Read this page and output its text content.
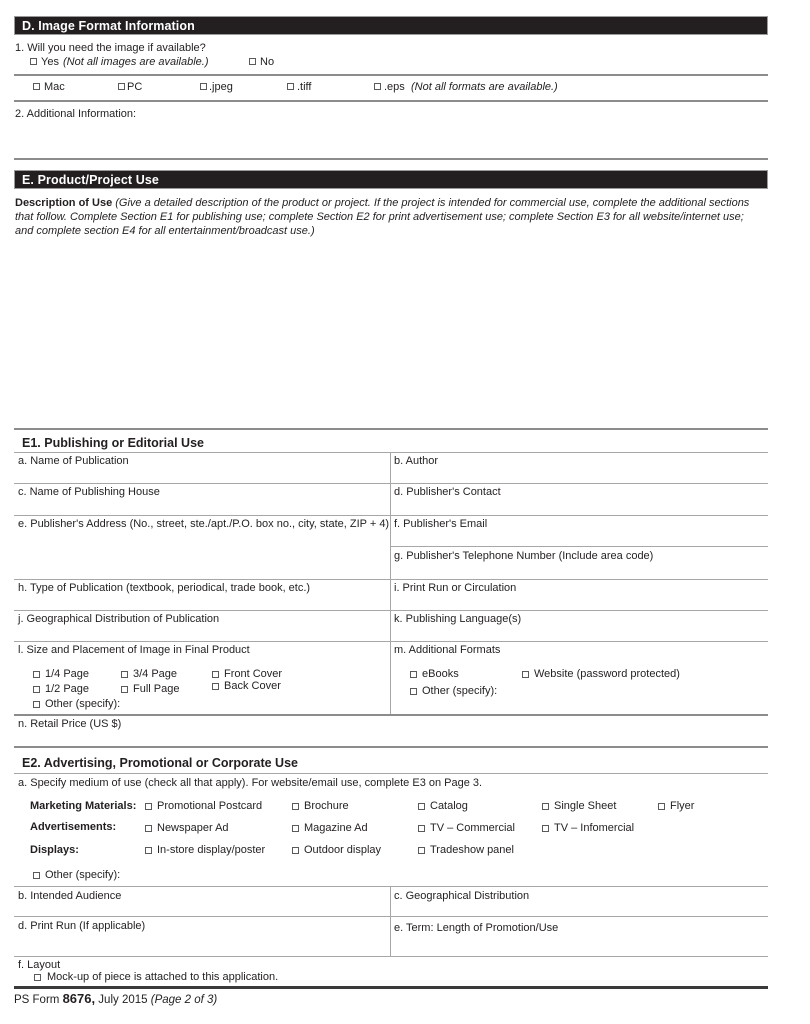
D. Image Format Information
1. Will you need the image if available?
Yes (Not all images are available.)	No
Mac	PC	.jpeg	.tiff	.eps (Not all formats are available.)
2. Additional Information:
E. Product/Project Use
Description of Use (Give a detailed description of the product or project. If the project is intended for commercial use, complete the additional sections that follow. Complete Section E1 for publishing use; complete Section E2 for print advertisement use; complete Section E3 for all website/internet use; and complete section E4 for all entertainment/broadcast use.)
E1. Publishing or Editorial Use
a. Name of Publication	b. Author
c. Name of Publishing House	d. Publisher's Contact
e. Publisher's Address (No., street, ste./apt./P.O. box no., city, state, ZIP + 4) f. Publisher's Email
g. Publisher's Telephone Number (Include area code)
h. Type of Publication (textbook, periodical, trade book, etc.)	i. Print Run or Circulation
j. Geographical Distribution of Publication	k. Publishing Language(s)
l. Size and Placement of Image in Final Product
1/4 Page	3/4 Page	Front Cover
1/2 Page	Full Page	Back Cover
Other (specify):
m. Additional Formats
eBooks	Website (password protected)
Other (specify):
n. Retail Price (US $)
E2. Advertising, Promotional or Corporate Use
a. Specify medium of use (check all that apply). For website/email use, complete E3 on Page 3.
Marketing Materials: Promotional Postcard	Brochure	Catalog	Single Sheet	Flyer
Advertisements:	Newspaper Ad	Magazine Ad	TV – Commercial	TV – Infomercial
Displays:	In-store display/poster	Outdoor display	Tradeshow panel
Other (specify):
b. Intended Audience	c. Geographical Distribution
d. Print Run (If applicable)	e. Term: Length of Promotion/Use
f. Layout
Mock-up of piece is attached to this application.
PS Form 8676, July 2015 (Page 2 of 3)
